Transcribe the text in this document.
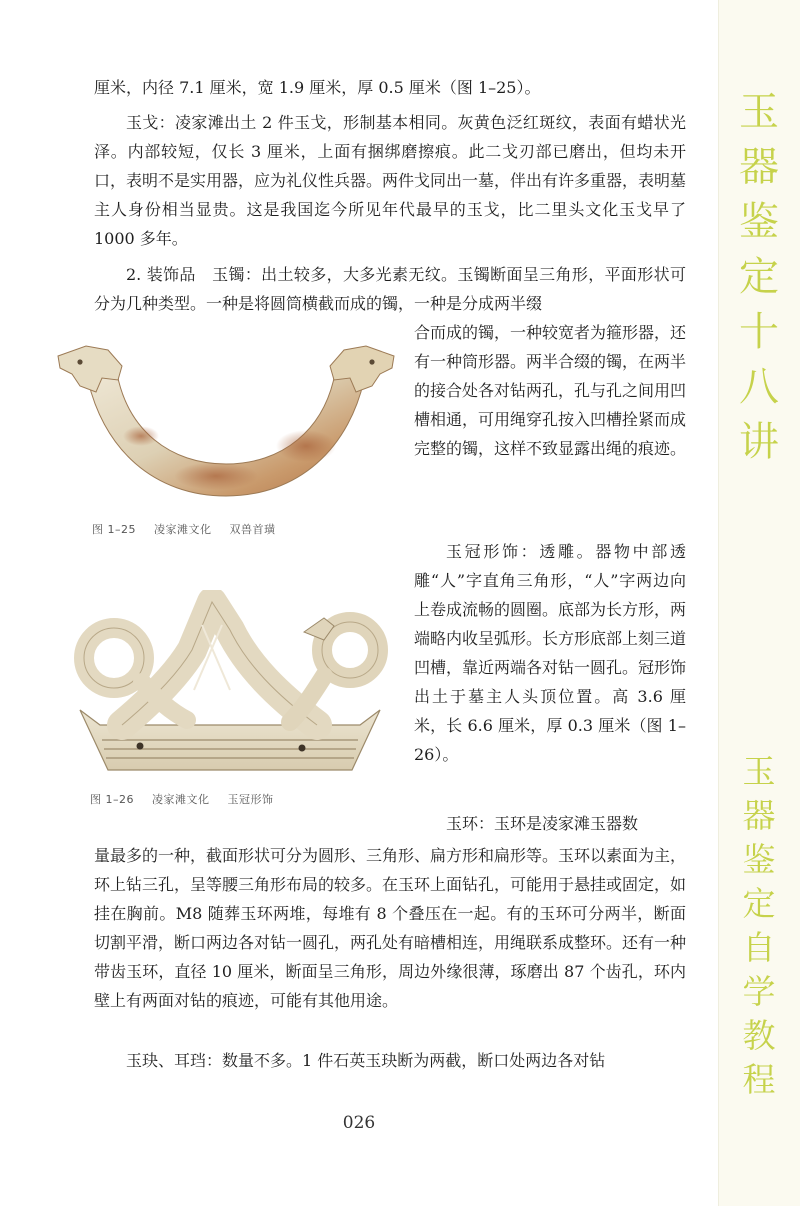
玉
器
鉴
定
十
八
讲
玉
器
鉴
定
自
学
教
程

厘米，内径 7.1 厘米，宽 1.9 厘米，厚 0.5 厘米（图 1–25）。

玉戈：凌家滩出土 2 件玉戈，形制基本相同。灰黄色泛红斑纹，表面有蜡状光泽。内部较短，仅长 3 厘米，上面有捆绑磨擦痕。此二戈刃部已磨出，但均未开口，表明不是实用器，应为礼仪性兵器。两件戈同出一墓，伴出有许多重器，表明墓主人身份相当显贵。这是我国迄今所见年代最早的玉戈，比二里头文化玉戈早了 1000 多年。

2. 装饰品　玉镯：出土较多，大多光素无纹。玉镯断面呈三角形，平面形状可分为几种类型。一种是将圆筒横截而成的镯，一种是分成两半缀

合而成的镯，一种较宽者为箍形器，还有一种筒形器。两半合缀的镯，在两半的接合处各对钻两孔，孔与孔之间用凹槽相通，可用绳穿孔按入凹槽拴紧而成完整的镯，这样不致显露出绳的痕迹。

玉冠形饰：透雕。器物中部透雕“人”字直角三角形，“人”字两边向上卷成流畅的圆圈。底部为长方形，两端略内收呈弧形。长方形底部上刻三道凹槽，靠近两端各对钻一圆孔。冠形饰出土于墓主人头顶位置。高 3.6 厘米，长 6.6 厘米，厚 0.3 厘米（图 1–26）。

玉环：玉环是凌家滩玉器数

量最多的一种，截面形状可分为圆形、三角形、扁方形和扁形等。玉环以素面为主，环上钻三孔，呈等腰三角形布局的较多。在玉环上面钻孔，可能用于悬挂或固定，如挂在胸前。M8 随葬玉环两堆，每堆有 8 个叠压在一起。有的玉环可分两半，断面切割平滑，断口两边各对钻一圆孔，两孔处有暗槽相连，用绳联系成整环。还有一种带齿玉环，直径 10 厘米，断面呈三角形，周边外缘很薄，琢磨出 87 个齿孔，环内壁上有两面对钻的痕迹，可能有其他用途。

玉玦、耳珰：数量不多。1 件石英玉玦断为两截，断口处两边各对钻

图 1–25 凌家滩文化 双兽首璜
图 1–26 凌家滩文化 玉冠形饰
026
